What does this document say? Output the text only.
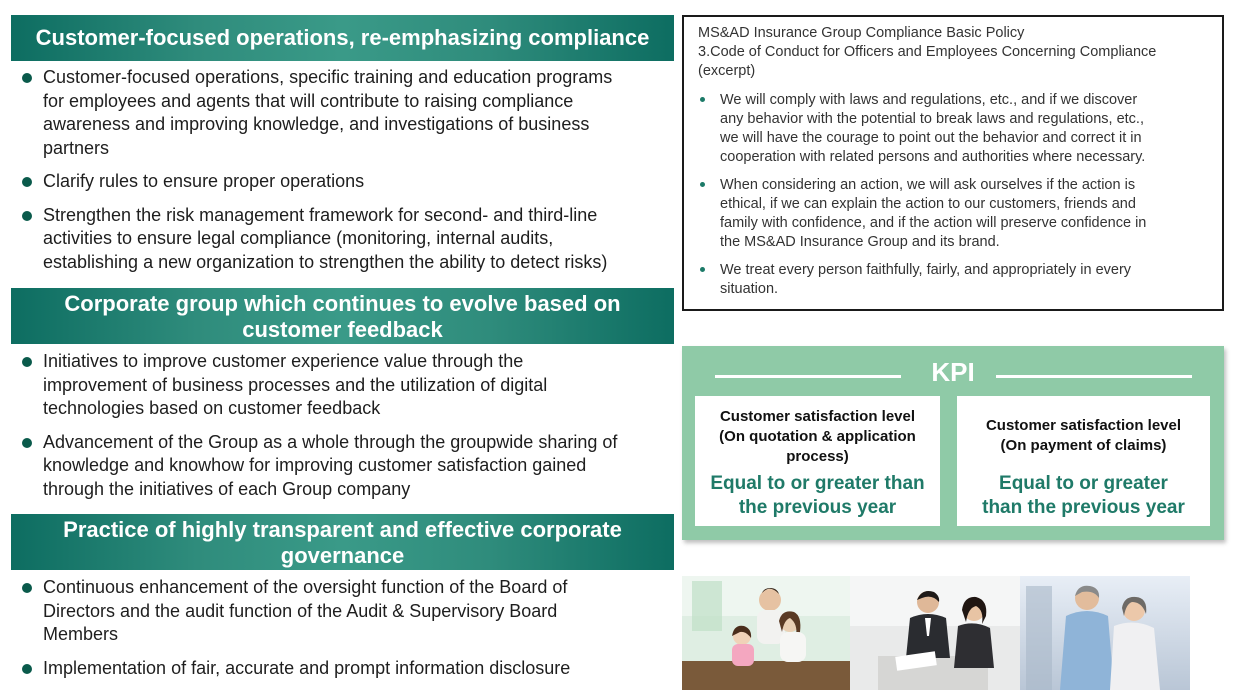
Customer-focused operations, re-emphasizing compliance
Customer-focused operations, specific training and education programs
for employees and agents that will contribute to raising compliance
awareness and improving knowledge, and investigations of business
partners
Clarify rules to ensure proper operations
Strengthen the risk management framework for second- and third-line
activities to ensure legal compliance (monitoring, internal audits,
establishing a new organization to strengthen the ability to detect risks)
Corporate group which continues to evolve based on
customer feedback
Initiatives to improve customer experience value through the
improvement of business processes and the utilization of digital
technologies based on customer feedback
Advancement of the Group as a whole through the groupwide sharing of
knowledge and knowhow for improving customer satisfaction gained
through the initiatives of each Group company
Practice of highly transparent and effective corporate
governance
Continuous enhancement of the oversight function of the Board of
Directors and the audit function of the Audit & Supervisory Board
Members
Implementation of fair, accurate and prompt information disclosure
MS&AD Insurance Group Compliance Basic Policy
3.Code of Conduct for Officers and Employees Concerning Compliance
(excerpt)
We will comply with laws and regulations, etc., and if we discover
any behavior with the potential to break laws and regulations, etc.,
we will have the courage to point out the behavior and correct it in
cooperation with related persons and authorities where necessary.
When considering an action, we will ask ourselves if the action is
ethical, if we can explain the action to our customers, friends and
family with confidence, and if the action will preserve confidence in
the MS&AD Insurance Group and its brand.
We treat every person faithfully, fairly, and appropriately in every
situation.
KPI
Customer satisfaction level
(On quotation & application
process)
Equal to or greater than
the previous year
Customer satisfaction level
(On payment of claims)
Equal to or greater
than the previous year
